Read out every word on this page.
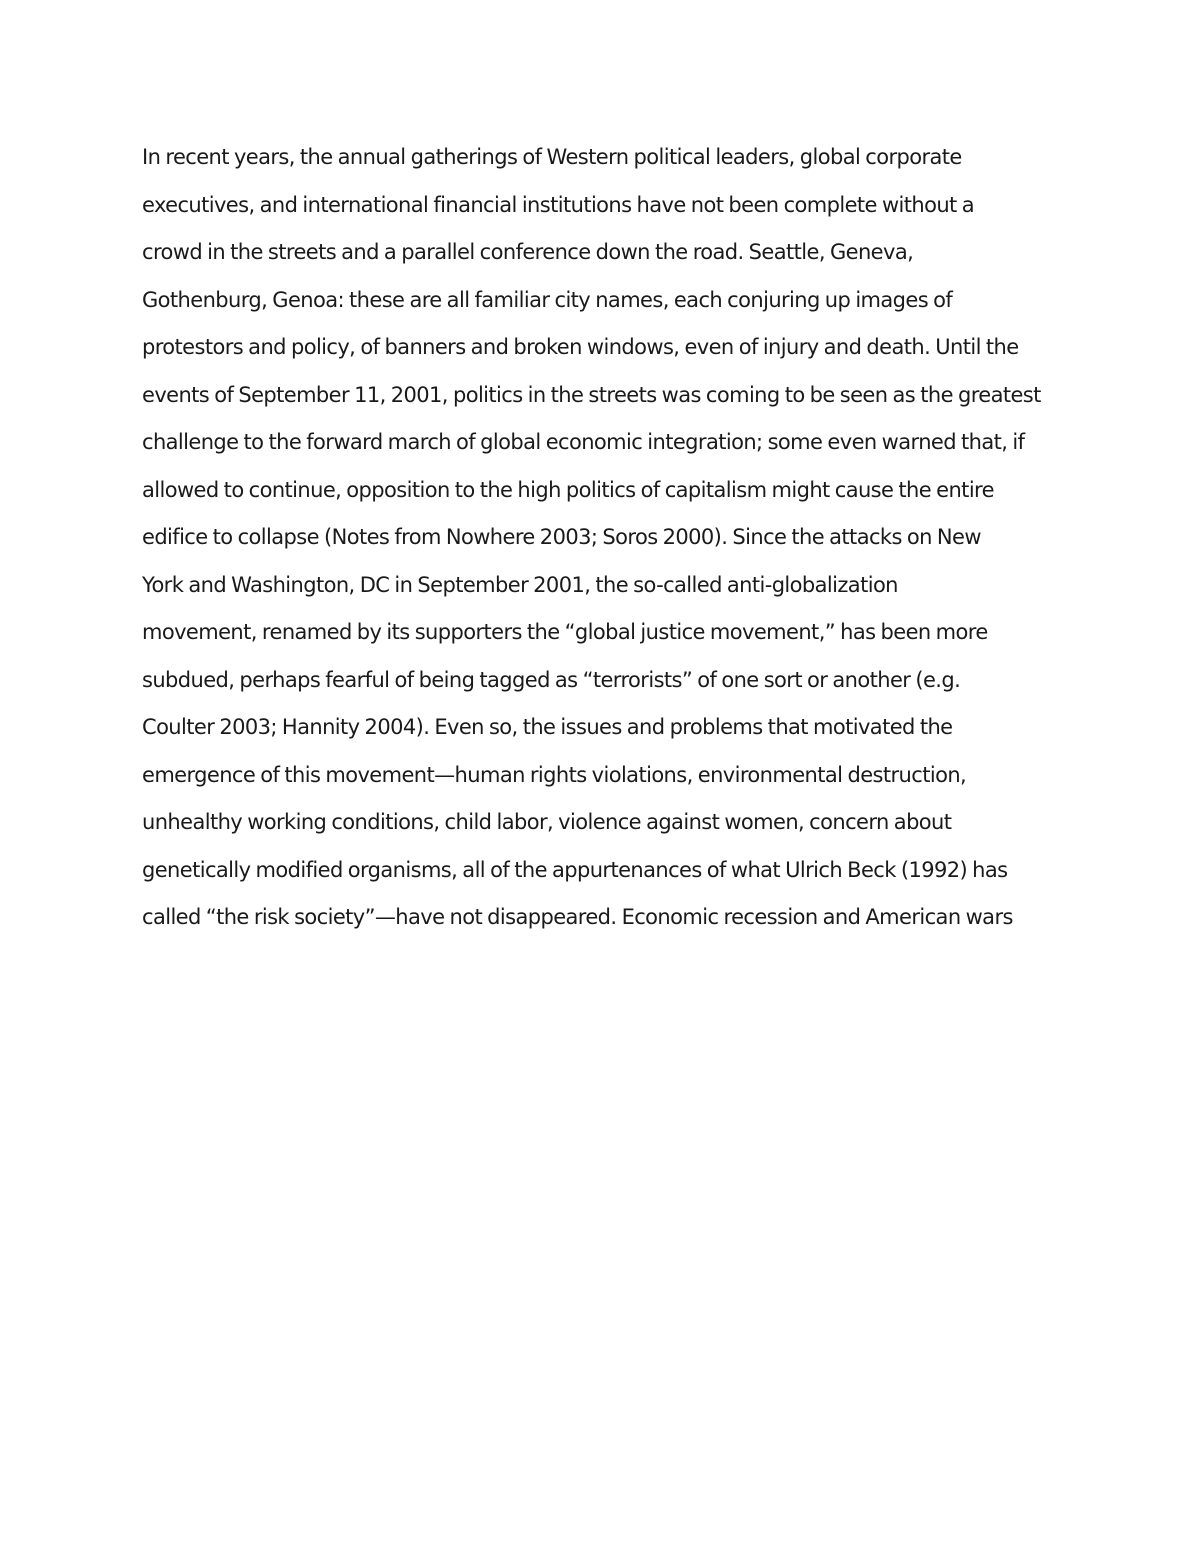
In recent years, the annual gatherings of Western political leaders, global corporate

executives, and international financial institutions have not been complete without a

crowd in the streets and a parallel conference down the road. Seattle, Geneva,

Gothenburg, Genoa: these are all familiar city names, each conjuring up images of

protestors and policy, of banners and broken windows, even of injury and death. Until the

events of September 11, 2001, politics in the streets was coming to be seen as the greatest

challenge to the forward march of global economic integration; some even warned that, if

allowed to continue, opposition to the high politics of capitalism might cause the entire

edifice to collapse (Notes from Nowhere 2003; Soros 2000). Since the attacks on New

York and Washington, DC in September 2001, the so-called anti-globalization

movement, renamed by its supporters the “global justice movement,” has been more

subdued, perhaps fearful of being tagged as “terrorists” of one sort or another (e.g.

Coulter 2003; Hannity 2004). Even so, the issues and problems that motivated the

emergence of this movement—human rights violations, environmental destruction,

unhealthy working conditions, child labor, violence against women, concern about

genetically modified organisms, all of the appurtenances of what Ulrich Beck (1992) has

called “the risk society”—have not disappeared. Economic recession and American wars
